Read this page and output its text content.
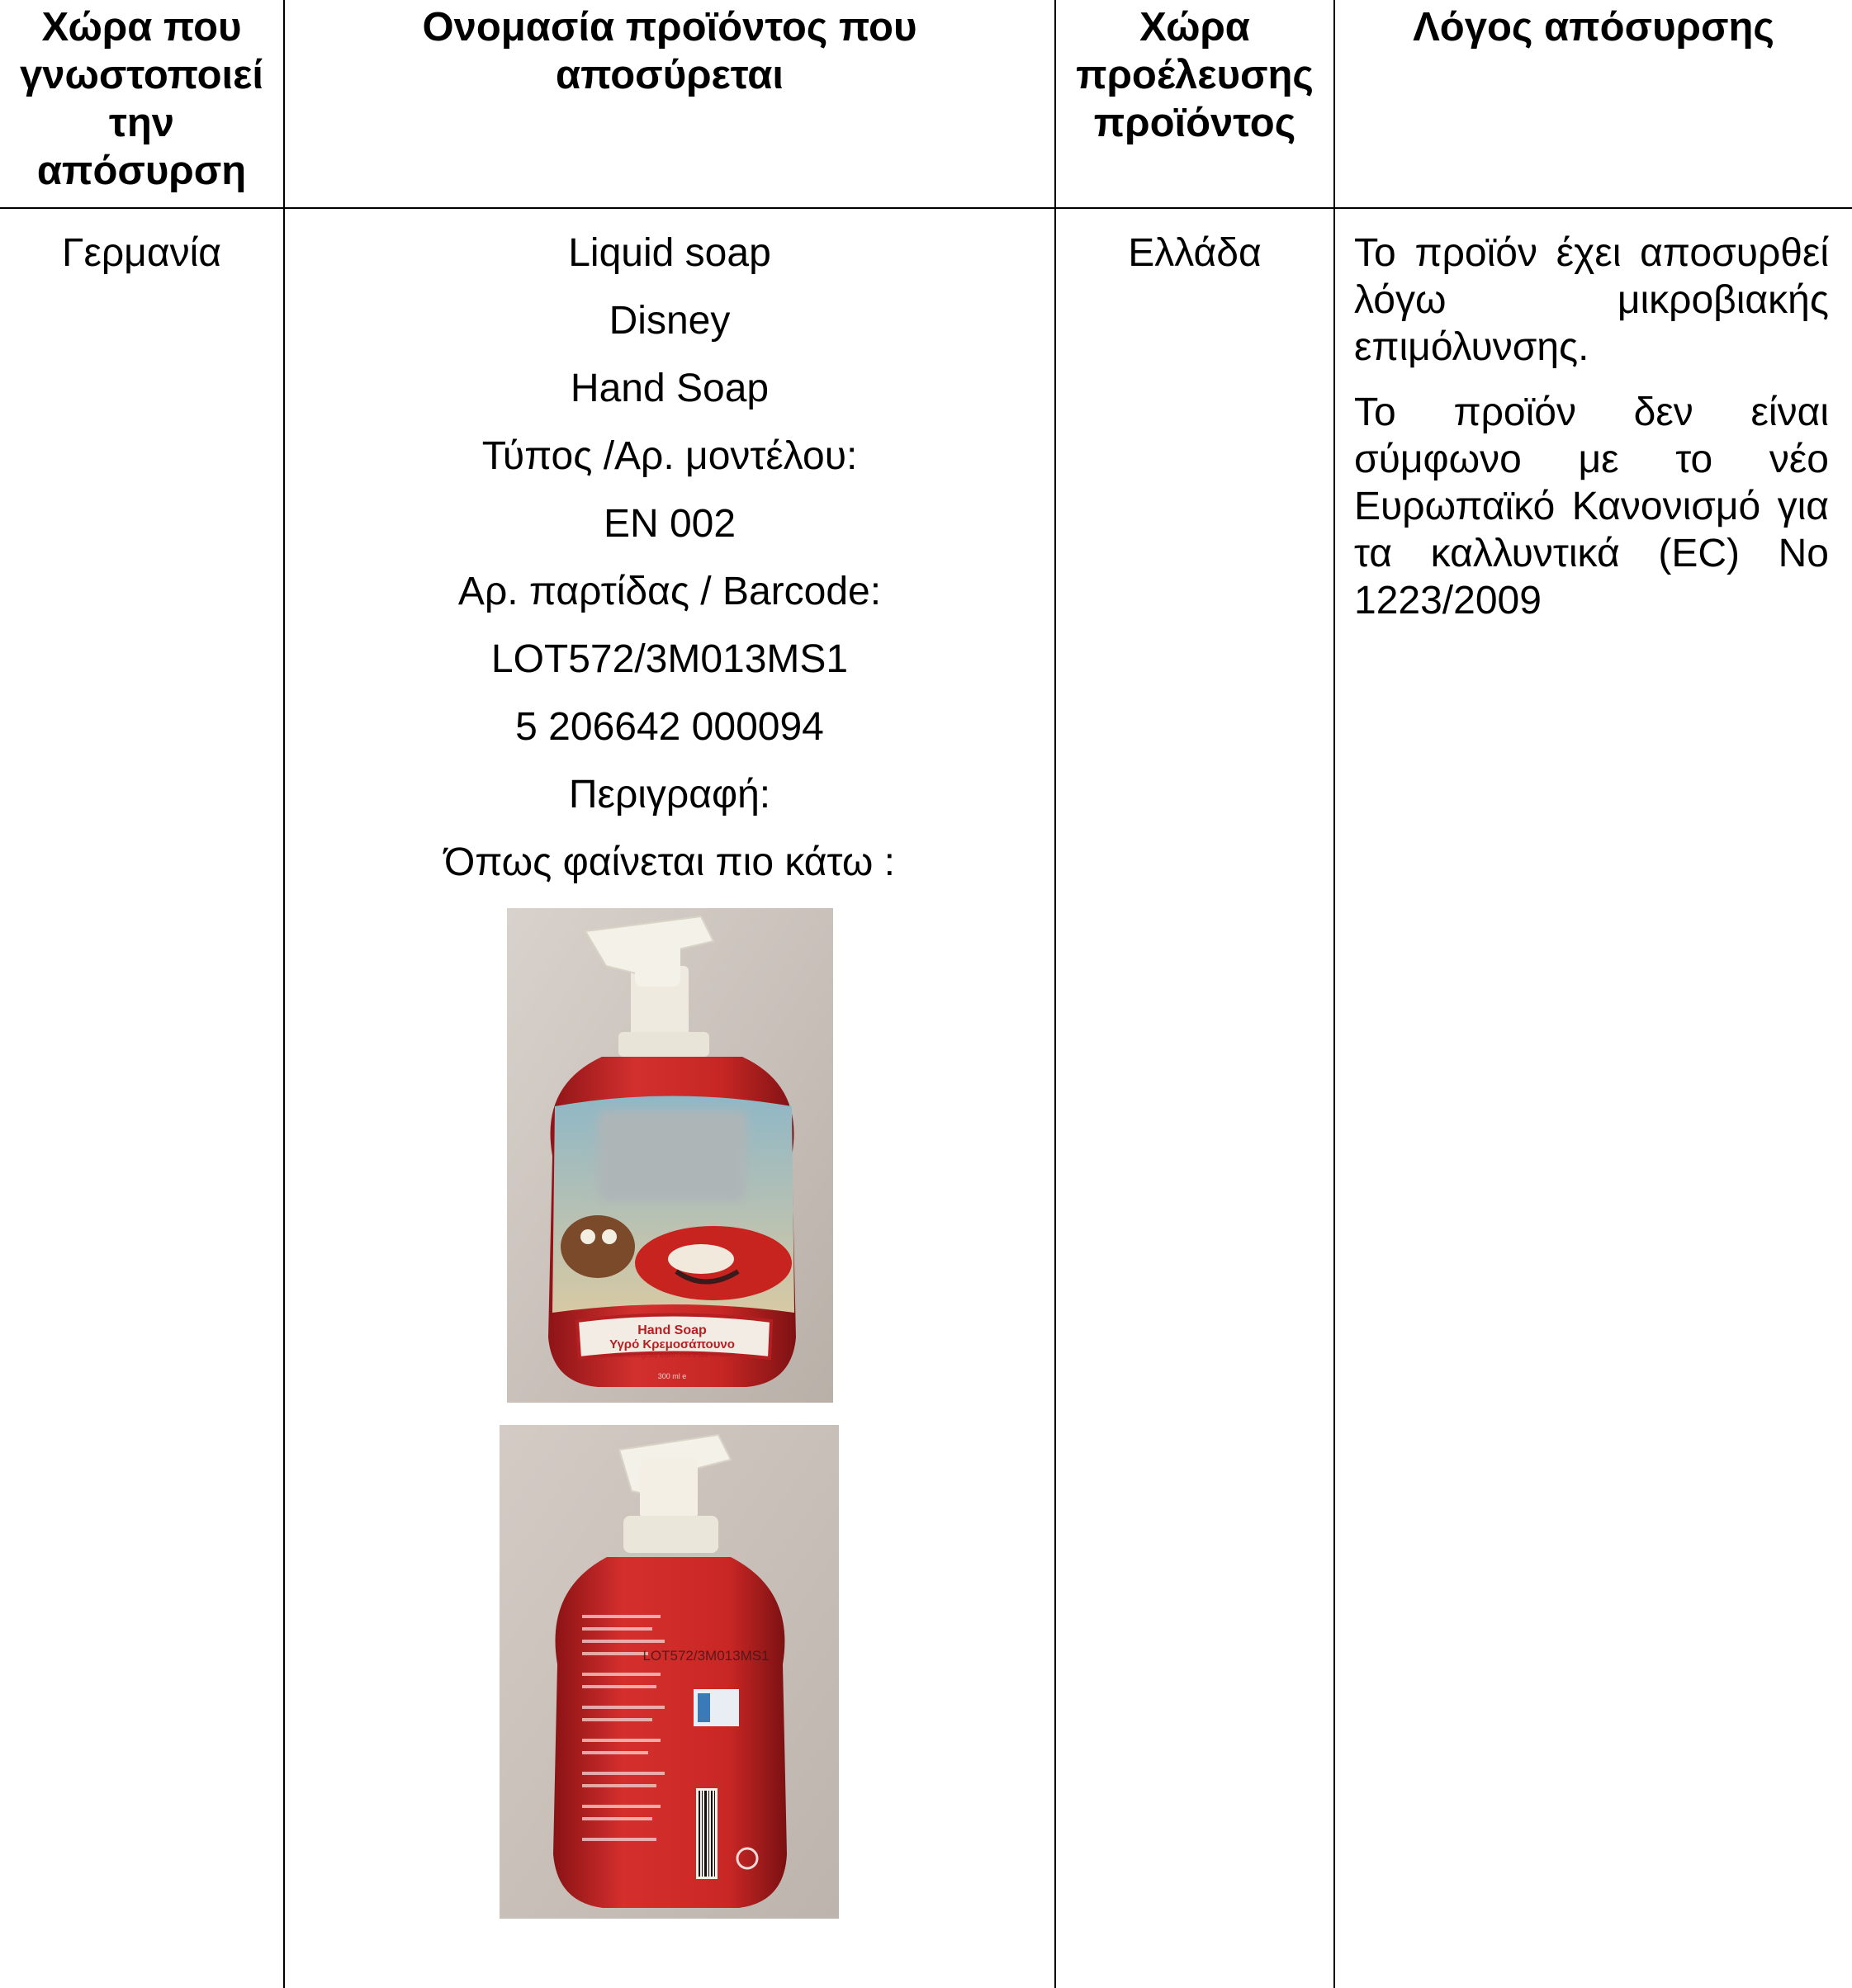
Χώρα που
γνωστοποιεί
την
απόσυρση
Ονομασία προϊόντος που
αποσύρεται
Χώρα
προέλευσης
προϊόντος
Λόγος απόσυρσης
Γερμανία	Liquid soap
Disney
Hand Soap
Τύπος /Αρ. μοντέλου:
EN 002
Αρ. παρτίδας / Barcode:
LOT572/3M013MS1
5 206642 000094
Περιγραφή:
Όπως φαίνεται πιο κάτω :
Ελλάδα	Το προϊόν έχει αποσυρθεί λόγω μικροβιακής επιμόλυνσης.

Το προϊόν δεν είναι σύμφωνο με το νέο Ευρωπαϊκό Κανονισμό για τα καλλυντικά (EC) No 1223/2009

Hand Soap
Υγρό Κρεμοσάπουνο
microbiologically tested - mild & safe for skin
300 ml e
LOT572/3M013MS1
